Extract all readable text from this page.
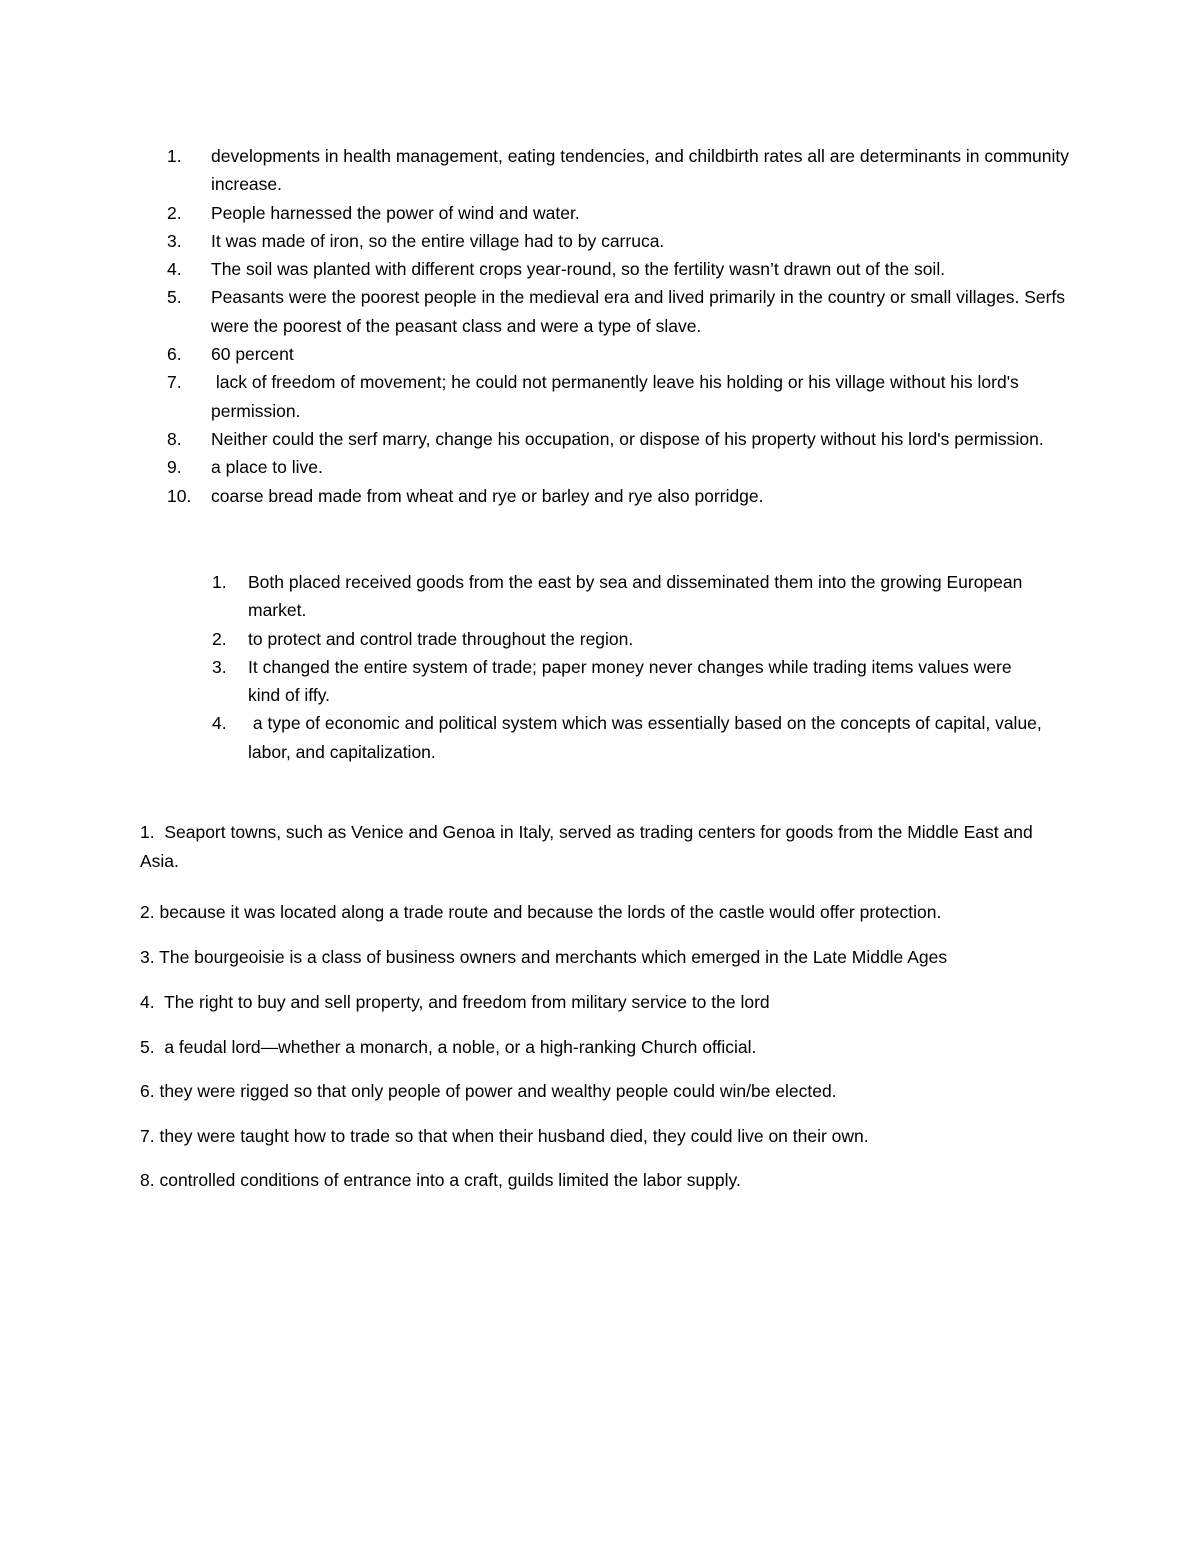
1.	developments in health management, eating tendencies, and childbirth rates all are determinants in community increase.
2.	People harnessed the power of wind and water.
3.	It was made of iron, so the entire village had to by carruca.
4.	The soil was planted with different crops year-round, so the fertility wasn’t drawn out of the soil.
5.	Peasants were the poorest people in the medieval era and lived primarily in the country or small villages. Serfs were the poorest of the peasant class and were a type of slave.
6.	60 percent
7.	lack of freedom of movement; he could not permanently leave his holding or his village without his lord's permission.
8.	Neither could the serf marry, change his occupation, or dispose of his property without his lord's permission.
9.	a place to live.
10.	coarse bread made from wheat and rye or barley and rye also porridge.
1. Both placed received goods from the east by sea and disseminated them into the growing European market.
2. to protect and control trade throughout the region.
3. It changed the entire system of trade; paper money never changes while trading items values were kind of iffy.
4. a type of economic and political system which was essentially based on the concepts of capital, value, labor, and capitalization.

1.  Seaport towns, such as Venice and Genoa in Italy, served as trading centers for goods from the Middle East and Asia.

2. because it was located along a trade route and because the lords of the castle would offer protection.

3. The bourgeoisie is a class of business owners and merchants which emerged in the Late Middle Ages

4.  The right to buy and sell property, and freedom from military service to the lord

5.  a feudal lord—whether a monarch, a noble, or a high-ranking Church official.

6. they were rigged so that only people of power and wealthy people could win/be elected.

7. they were taught how to trade so that when their husband died, they could live on their own.

8. controlled conditions of entrance into a craft, guilds limited the labor supply.
